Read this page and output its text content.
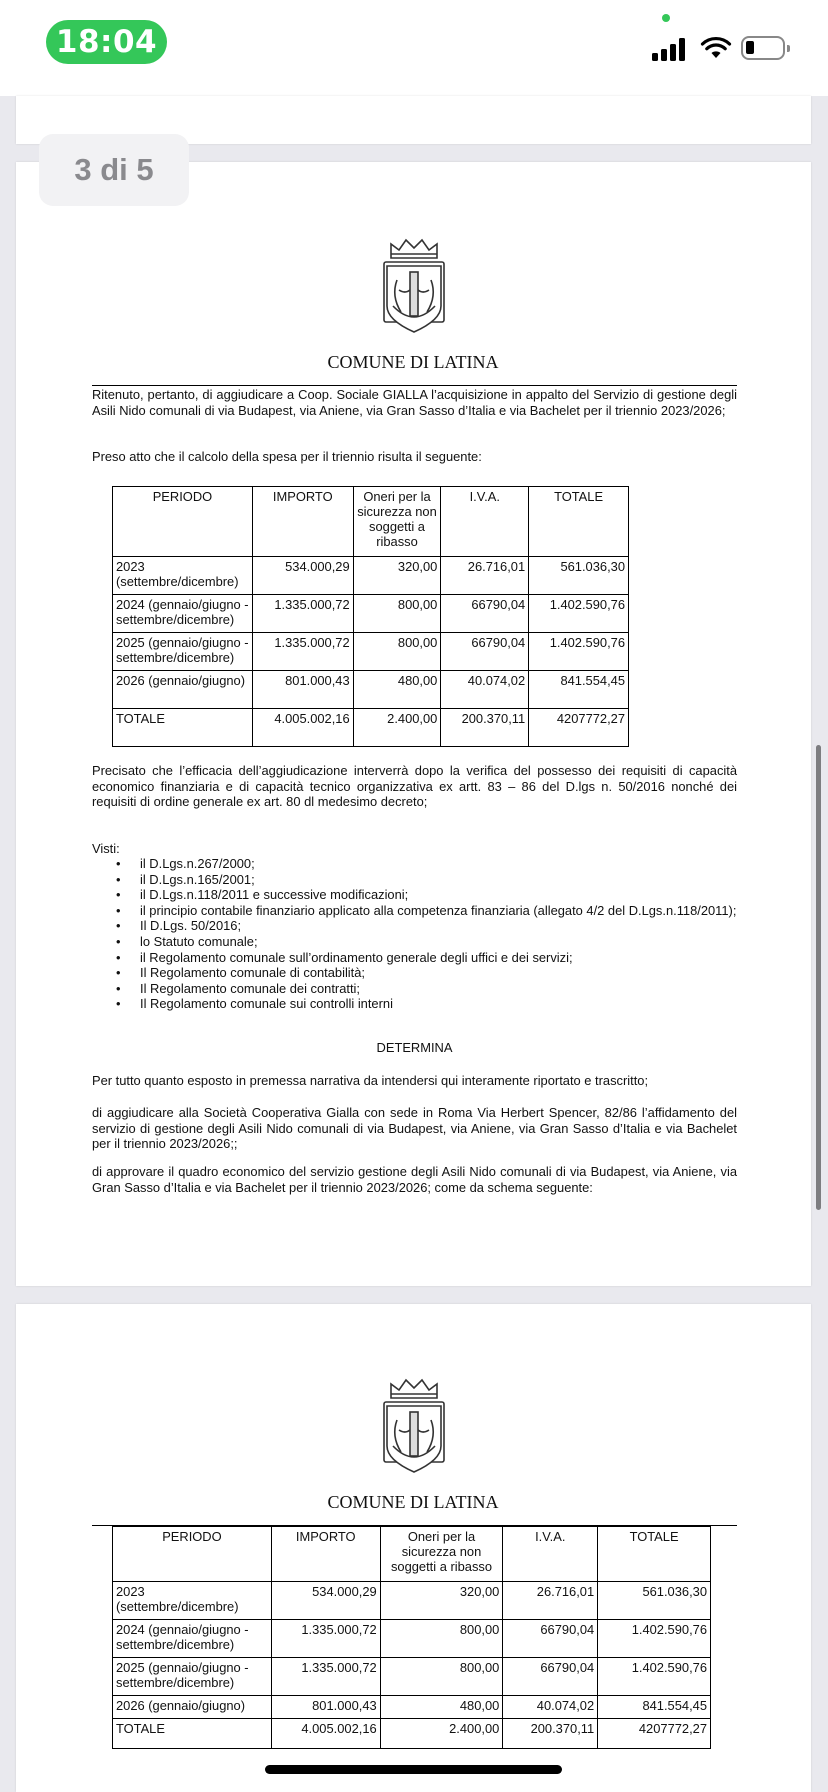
18:04
COMUNE DI LATINA
Ritenuto, pertanto, di aggiudicare a Coop. Sociale GIALLA l’acquisizione in appalto del Servizio di gestione degli Asili Nido comunali di via Budapest, via Aniene, via Gran Sasso d’Italia e via Bachelet per il triennio 2023/2026;
Preso atto che il calcolo della spesa per il triennio risulta il seguente:
PERIODO	IMPORTO	Oneri per la sicurezza non soggetti a ribasso	I.V.A.	TOTALE
2023 (settembre/dicembre)	534.000,29	320,00	26.716,01	561.036,30
2024 (gennaio/giugno - settembre/dicembre)	1.335.000,72	800,00	66790,04	1.402.590,76
2025 (gennaio/giugno - settembre/dicembre)	1.335.000,72	800,00	66790,04	1.402.590,76
2026 (gennaio/giugno)	801.000,43	480,00	40.074,02	841.554,45
TOTALE	4.005.002,16	2.400,00	200.370,11	4207772,27
Precisato che l’efficacia dell’aggiudicazione interverrà dopo la verifica del possesso dei requisiti di capacità economico finanziaria e di capacità tecnico organizzativa ex artt. 83 – 86 del D.lgs n. 50/2016 nonché dei requisiti di ordine generale ex art. 80 dl medesimo decreto;
Visti:
• il D.Lgs.n.267/2000;
• il D.Lgs.n.165/2001;
• il D.Lgs.n.118/2011 e successive modificazioni;
• il principio contabile finanziario applicato alla competenza finanziaria (allegato 4/2 del D.Lgs.n.118/2011);
• Il D.Lgs. 50/2016;
• lo Statuto comunale;
• il Regolamento comunale sull’ordinamento generale degli uffici e dei servizi;
• Il Regolamento comunale di contabilità;
• Il Regolamento comunale dei contratti;
• Il Regolamento comunale sui controlli interni
DETERMINA
Per tutto quanto esposto in premessa narrativa da intendersi qui interamente riportato e trascritto;
di aggiudicare alla Società Cooperativa Gialla con sede in Roma Via Herbert Spencer, 82/86 l’affidamento del servizio di gestione degli Asili Nido comunali di via Budapest, via Aniene, via Gran Sasso d’Italia e via Bachelet per il triennio 2023/2026;;
di approvare il quadro economico del servizio gestione degli Asili Nido comunali di via Budapest, via Aniene, via Gran Sasso d’Italia e via Bachelet per il triennio 2023/2026; come da schema seguente:
COMUNE DI LATINA
PERIODO	IMPORTO	Oneri per la sicurezza non soggetti a ribasso	I.V.A.	TOTALE
2023 (settembre/dicembre)	534.000,29	320,00	26.716,01	561.036,30
2024 (gennaio/giugno - settembre/dicembre)	1.335.000,72	800,00	66790,04	1.402.590,76
2025 (gennaio/giugno - settembre/dicembre)	1.335.000,72	800,00	66790,04	1.402.590,76
2026 (gennaio/giugno)	801.000,43	480,00	40.074,02	841.554,45
TOTALE	4.005.002,16	2.400,00	200.370,11	4207772,27
3 di 5
